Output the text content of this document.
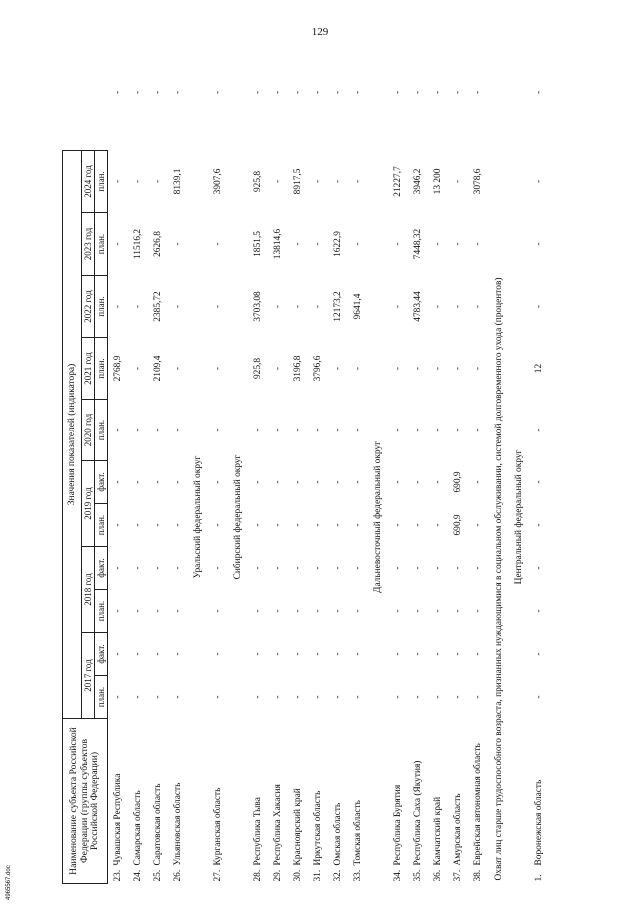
129
4965567.doc
Наименование субъекта Российской Федерации (группы субъектов Российской Федерации)	Значения показателей (индикатора)											
	2017 год		2018 год		2019 год		2020 год	2021 год	2022 год	2023 год	2024 год	
	план.	факт.	план.	факт.	план.	факт.	план.	план.	план.	план.	план.	
23.Чувашская Республика	-	-	-	-	-	-	-	2768,9	-	-	-	-
24.Самарская область	-	-	-	-	-	-	-	-	-	11516,2	-	-
25.Саратовская область	-	-	-	-	-	-	-	2109,4	2385,72	2626,8	-	-
26.Ульяновская область	-	-	-	-	-	-	-	-	-	-	8139,1	-
Уральский федеральный округ												
27.Курганская область	-	-	-	-	-	-	-	-	-	-	3907,6	-
Сибирский федеральный округ												
28.Республика Тыва	-	-	-	-	-	-	-	925,8	3703,08	1851,5	925,8	-
29.Республика Хакасия	-	-	-	-	-	-	-	-	-	13814,6	-	-
30.Красноярский край	-	-	-	-	-	-	-	3196,8	-	-	8917,5	-
31.Иркутская область	-	-	-	-	-	-	-	3796,6	-	-	-	-
32.Омская область	-	-	-	-	-	-	-	-	12173,2	1622,9	-	-
33.Томская область	-	-	-	-	-	-	-	-	9641,4	-	-	-
Дальневосточный федеральный округ												
34.Республика Бурятия	-	-	-	-	-	-	-	-	-	-	21227,7	-
35.Республика Саха (Якутия)	-	-	-	-	-	-	-	-	4783,44	7448,32	3946,2	-
36.Камчатский край	-	-	-	-	-	-	-	-	-	-	13 200	-
37.Амурская область	-	-	-	-	690,9	690,9	-	-	-	-	-	-
38.Еврейская автономная область	-	-	-	-	-	-	-	-	-	-	3078,6	-
Охват лиц старше трудоспособного возраста, признанных нуждающимися в социальном обслуживании, системой долговременного ухода (процентов)												
Центральный федеральный округ												
1.Воронежская область	-	-	-	-	-	-	-	12	-	-	-	-
